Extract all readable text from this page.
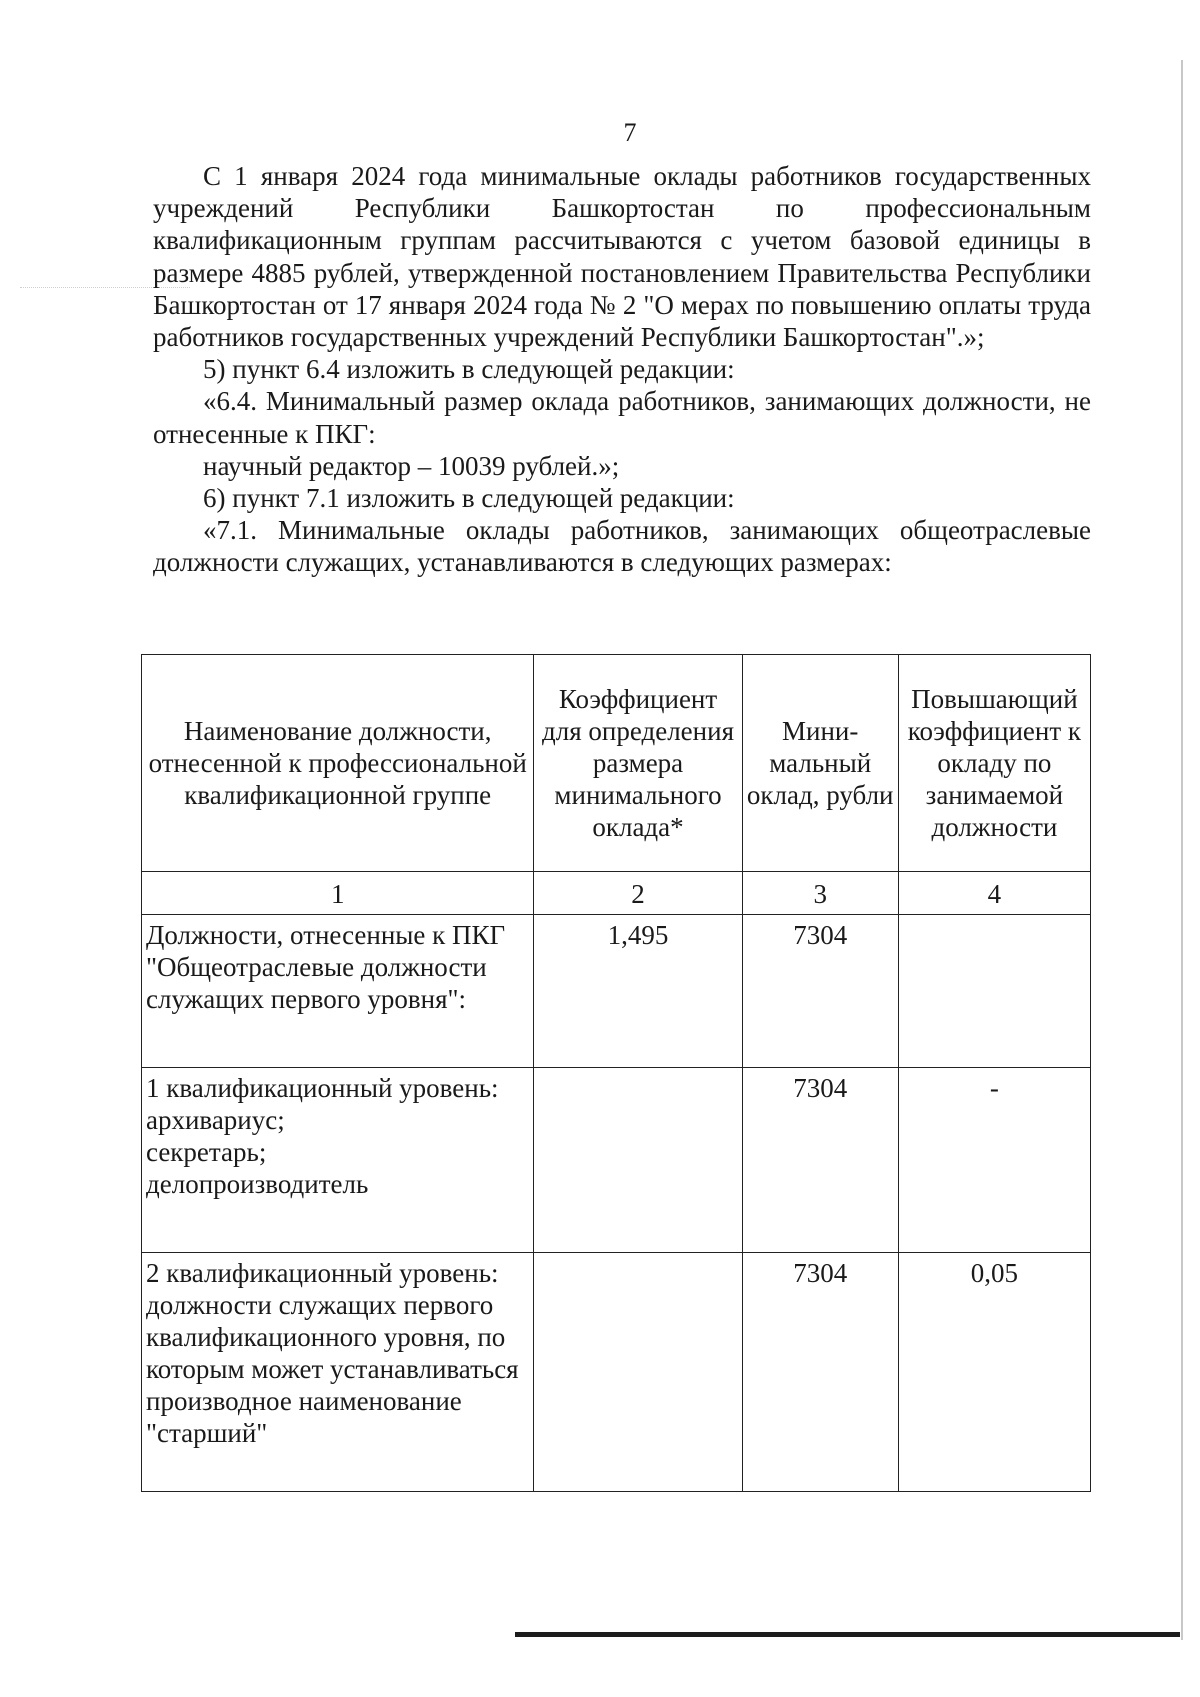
7

С 1 января 2024 года минимальные оклады работников государственных учреждений Республики Башкортостан по профессиональным квалификационным группам рассчитываются с учетом базовой единицы в размере 4885 рублей, утвержденной постановлением Правительства Республики Башкортостан от 17 января 2024 года № 2 "О мерах по повышению оплаты труда работников государственных учреждений Республики Башкортостан".»;

5) пункт 6.4 изложить в следующей редакции:

«6.4. Минимальный размер оклада работников, занимающих должности, не отнесенные к ПКГ:

научный редактор – 10039 рублей.»;

6) пункт 7.1 изложить в следующей редакции:

«7.1. Минимальные оклады работников, занимающих общеотраслевые должности служащих, устанавливаются в следующих размерах:

Наименование должности, отнесенной к профессиональной квалификационной группе	Коэффициент для определения размера минимального оклада*	Мини-мальный оклад, рубли	Повышающий коэффициент к окладу по занимаемой должности
1	2	3	4
Должности, отнесенные к ПКГ "Общеотраслевые должности служащих первого уровня":	1,495	7304	

1 квалификационный уровень:
архивариус;
секретарь;
делопроизводитель		7304	-

2 квалификационный уровень:
должности служащих первого квалификационного уровня, по которым может устанавливаться производное наименование "старший"		7304	0,05
